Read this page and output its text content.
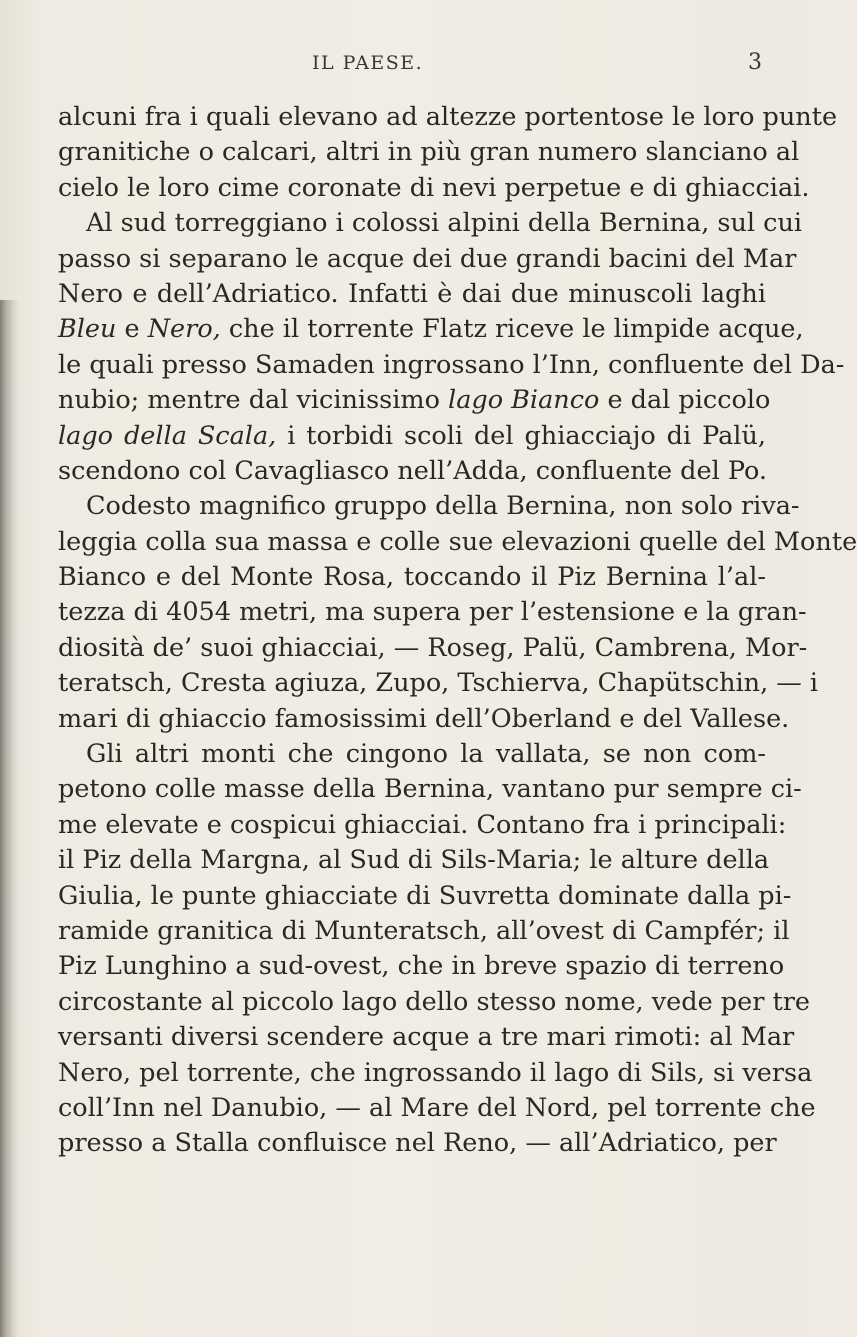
IL PAESE.	3
alcuni fra i quali elevano ad altezze portentose le loro punte
granitiche o calcari, altri in più gran numero slanciano al
cielo le loro cime coronate di nevi perpetue e di ghiacciai.
Al sud torreggiano i colossi alpini della Bernina, sul cui
passo si separano le acque dei due grandi bacini del Mar
Nero e dell’Adriatico. Infatti è dai due minuscoli laghi
Bleu e Nero, che il torrente Flatz riceve le limpide acque,
le quali presso Samaden ingrossano l’Inn, confluente del Da-
nubio; mentre dal vicinissimo lago Bianco e dal piccolo
lago della Scala, i torbidi scoli del ghiacciajo di Palü,
scendono col Cavagliasco nell’Adda, confluente del Po.
Codesto magnifico gruppo della Bernina, non solo riva-
leggia colla sua massa e colle sue elevazioni quelle del Monte
Bianco e del Monte Rosa, toccando il Piz Bernina l’al-
tezza di 4054 metri, ma supera per l’estensione e la gran-
diosità de’ suoi ghiacciai, — Roseg, Palü, Cambrena, Mor-
teratsch, Cresta agiuza, Zupo, Tschierva, Chapütschin, — i
mari di ghiaccio famosissimi dell’Oberland e del Vallese.
Gli altri monti che cingono la vallata, se non com-
petono colle masse della Bernina, vantano pur sempre ci-
me elevate e cospicui ghiacciai. Contano fra i principali:
il Piz della Margna, al Sud di Sils-Maria; le alture della
Giulia, le punte ghiacciate di Suvretta dominate dalla pi-
ramide granitica di Munteratsch, all’ovest di Campfér; il
Piz Lunghino a sud-ovest, che in breve spazio di terreno
circostante al piccolo lago dello stesso nome, vede per tre
versanti diversi scendere acque a tre mari rimoti: al Mar
Nero, pel torrente, che ingrossando il lago di Sils, si versa
coll’Inn nel Danubio, — al Mare del Nord, pel torrente che
presso a Stalla confluisce nel Reno, — all’Adriatico, per
